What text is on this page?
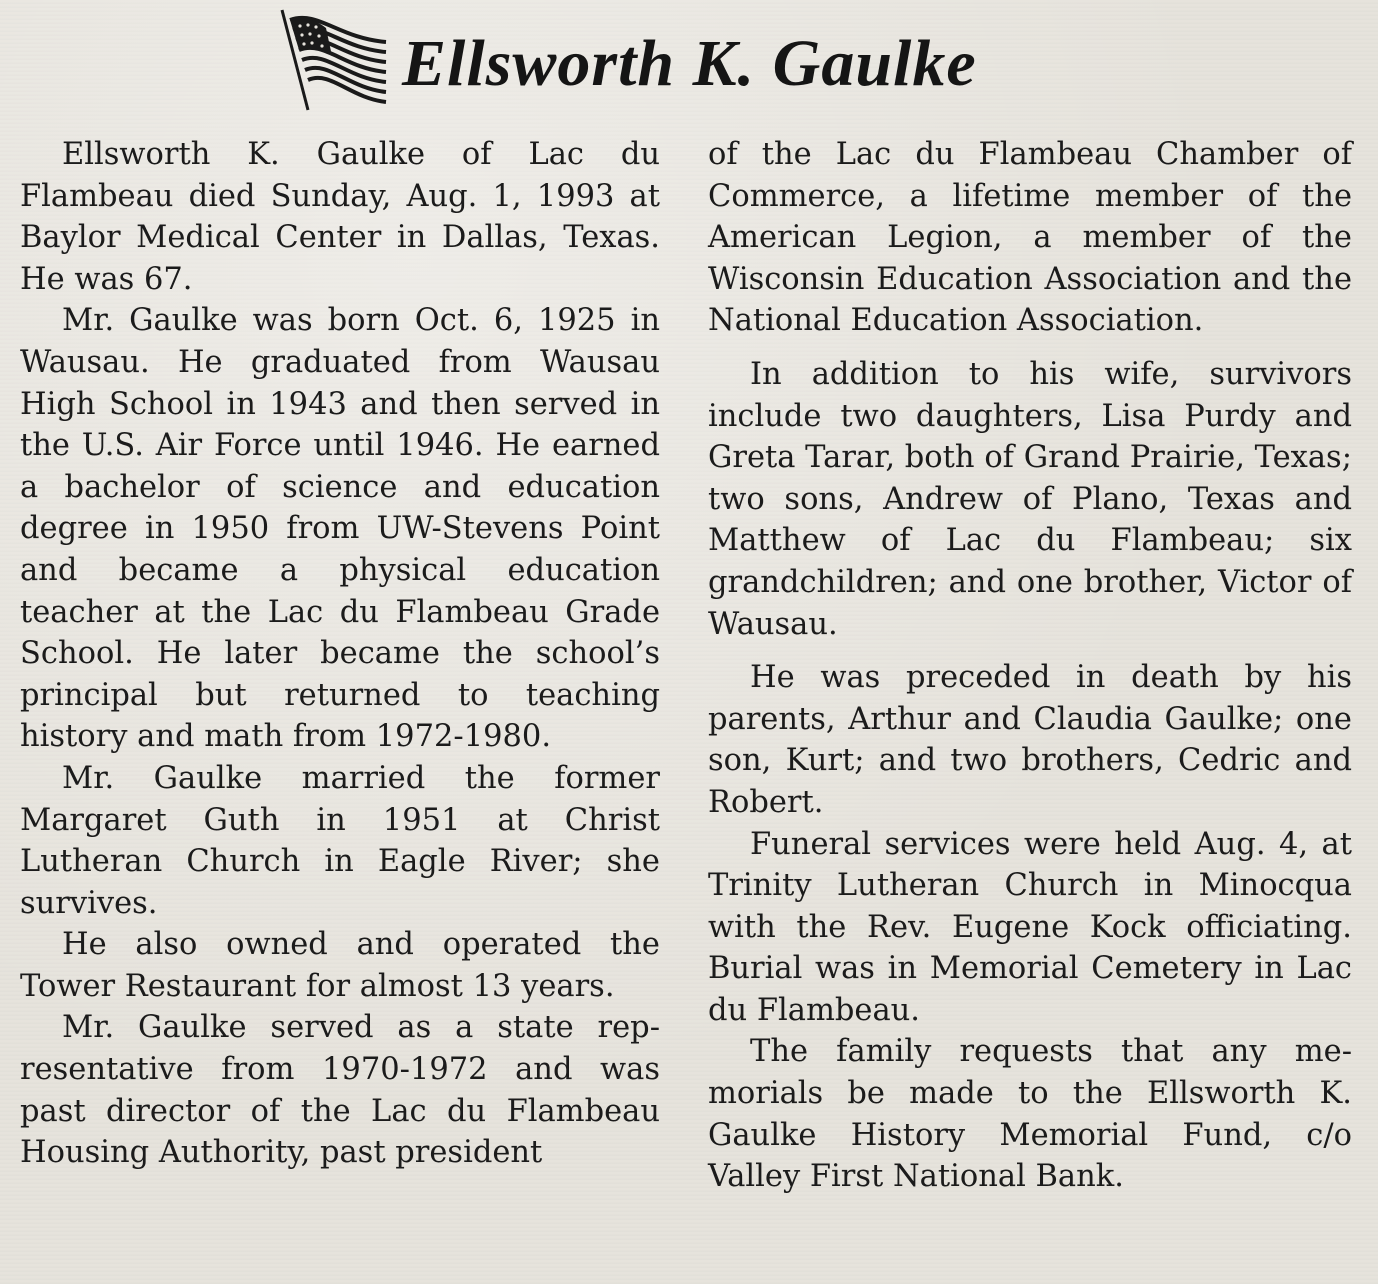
Ellsworth K. Gaulke

Ellsworth K. Gaulke of Lac du Flambeau died Sunday, Aug. 1, 1993 at Baylor Medical Center in Dallas, Texas. He was 67.

Mr. Gaulke was born Oct. 6, 1925 in Wausau. He graduated from Wausau High School in 1943 and then served in the U.S. Air Force until 1946. He earned a bachelor of science and education degree in 1950 from UW-Stevens Point and became a physical education teacher at the Lac du Flambeau Grade School. He later became the school’s principal but returned to teaching history and math from 1972-1980.

Mr. Gaulke married the former Margaret Guth in 1951 at Christ Lutheran Church in Eagle River; she survives.

He also owned and operated the Tower Restaurant for almost 13 years.

Mr. Gaulke served as a state representative from 1970-1972 and was past director of the Lac du Flambeau Housing Authority, past president

of the Lac du Flambeau Chamber of Commerce, a lifetime member of the American Legion, a member of the Wisconsin Education Association and the National Education Association.

In addition to his wife, survivors include two daughters, Lisa Purdy and Greta Tarar, both of Grand Prairie, Texas; two sons, Andrew of Plano, Texas and Matthew of Lac du Flambeau; six grandchildren; and one brother, Victor of Wausau.

He was preceded in death by his parents, Arthur and Claudia Gaulke; one son, Kurt; and two brothers, Cedric and Robert.

Funeral services were held Aug. 4, at Trinity Lutheran Church in Minocqua with the Rev. Eugene Kock officiating. Burial was in Memorial Cemetery in Lac du Flambeau.

The family requests that any memorials be made to the Ellsworth K. Gaulke History Memorial Fund, c/o Valley First National Bank.
